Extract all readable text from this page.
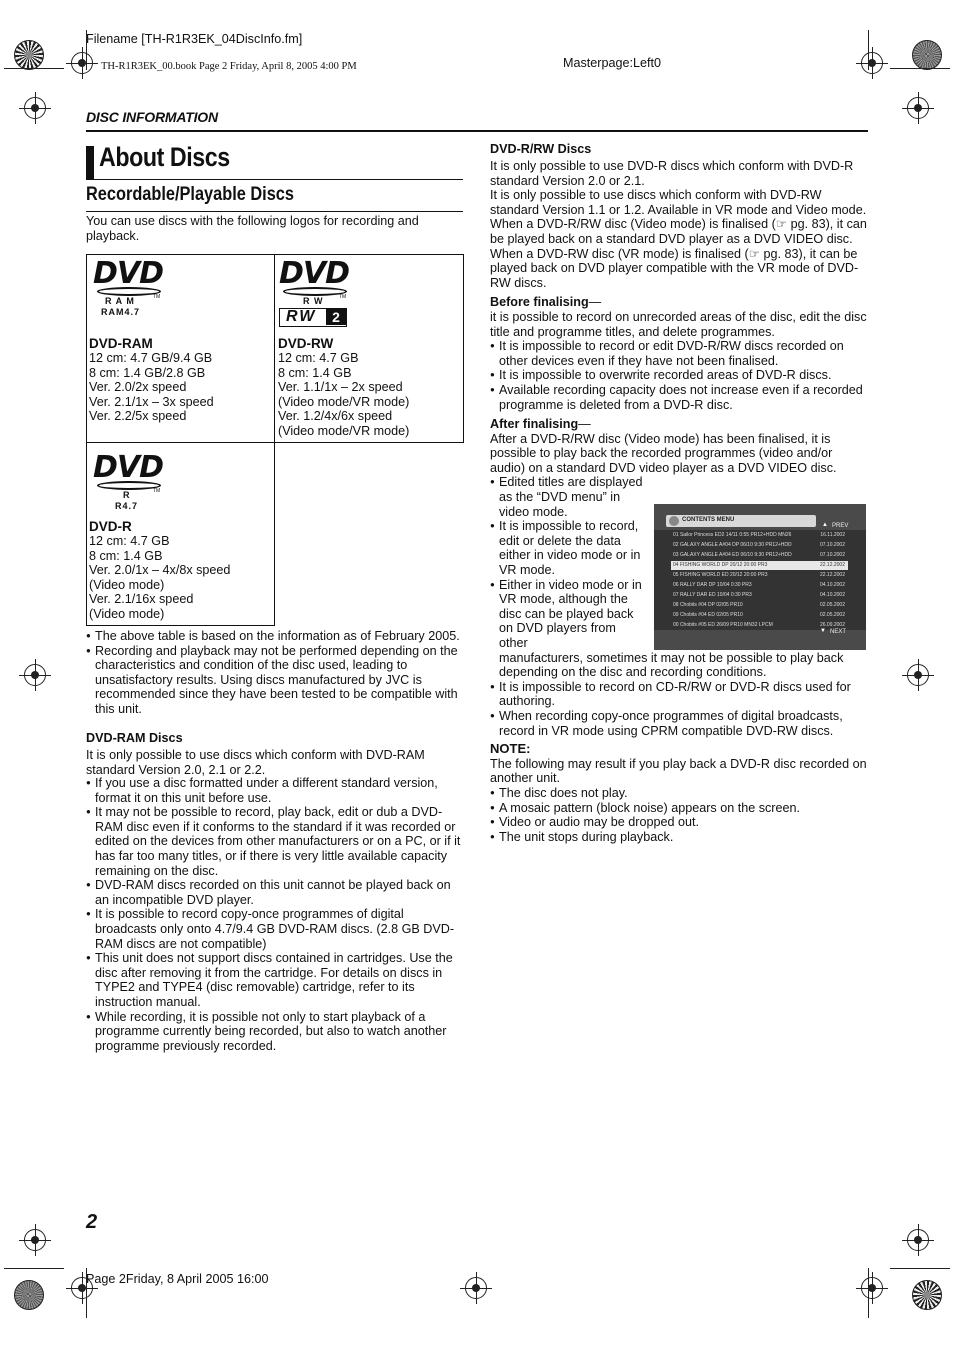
Filename [TH-R1R3EK_04DiscInfo.fm]
TH-R1R3EK_00.book Page 2 Friday, April 8, 2005 4:00 PM	Masterpage:Left0
Page 2Friday, 8 April 2005 16:00
DISC INFORMATION
2
About Discs
Recordable/Playable Discs
You can use discs with the following logos for recording and playback.
DVD
R A M
RAM4.7
TM
DVD-RAM
12 cm: 4.7 GB/9.4 GB
8 cm: 1.4 GB/2.8 GB
Ver. 2.0/2x speed
Ver. 2.1/1x – 3x speed
Ver. 2.2/5x speed
DVD
R W	TM
RW	2
DVD-RW
12 cm: 4.7 GB
8 cm: 1.4 GB
Ver. 1.1/1x – 2x speed
(Video mode/VR mode)
Ver. 1.2/4x/6x speed
(Video mode/VR mode)
DVD
R
R4.7
TM
DVD-R
12 cm: 4.7 GB
8 cm: 1.4 GB
Ver. 2.0/1x – 4x/8x speed
(Video mode)
Ver. 2.1/16x speed
(Video mode)
● The above table is based on the information as of February 2005.
● Recording and playback may not be performed depending on the characteristics and condition of the disc used, leading to unsatisfactory results. Using discs manufactured by JVC is recommended since they have been tested to be compatible with this unit.
DVD-RAM Discs
It is only possible to use discs which conform with DVD-RAM standard Version 2.0, 2.1 or 2.2.
● If you use a disc formatted under a different standard version, format it on this unit before use.
● It may not be possible to record, play back, edit or dub a DVD-RAM disc even if it conforms to the standard if it was recorded or edited on the devices from other manufacturers or on a PC, or if it has far too many titles, or if there is very little available capacity remaining on the disc.
● DVD-RAM discs recorded on this unit cannot be played back on an incompatible DVD player.
● It is possible to record copy-once programmes of digital broadcasts only onto 4.7/9.4 GB DVD-RAM discs. (2.8 GB DVD-RAM discs are not compatible)
● This unit does not support discs contained in cartridges. Use the disc after removing it from the cartridge. For details on discs in TYPE2 and TYPE4 (disc removable) cartridge, refer to its instruction manual.
● While recording, it is possible not only to start playback of a programme currently being recorded, but also to watch another programme previously recorded.
DVD-R/RW Discs
It is only possible to use DVD-R discs which conform with DVD-R standard Version 2.0 or 2.1.
It is only possible to use discs which conform with DVD-RW standard Version 1.1 or 1.2. Available in VR mode and Video mode.
When a DVD-R/RW disc (Video mode) is finalised (☞ pg. 83), it can be played back on a standard DVD player as a DVD VIDEO disc.
When a DVD-RW disc (VR mode) is finalised (☞ pg. 83), it can be played back on DVD player compatible with the VR mode of DVD-RW discs.
Before finalising—
it is possible to record on unrecorded areas of the disc, edit the disc title and programme titles, and delete programmes.
● It is impossible to record or edit DVD-R/RW discs recorded on other devices even if they have not been finalised.
● It is impossible to overwrite recorded areas of DVD-R discs.
● Available recording capacity does not increase even if a recorded programme is deleted from a DVD-R disc.
After finalising—
After a DVD-R/RW disc (Video mode) has been finalised, it is possible to play back the recorded programmes (video and/or audio) on a standard DVD video player as a DVD VIDEO disc.
● Edited titles are displayed as the “DVD menu” in video mode.
● It is impossible to record, edit or delete the data either in video mode or in VR mode.
● Either in video mode or in VR mode, although the disc can be played back on DVD players from other
manufacturers, sometimes it may not be possible to play back depending on the disc and recording conditions.
● It is impossible to record on CD-R/RW or DVD-R discs used for authoring.
● When recording copy-once programmes of digital broadcasts, record in VR mode using CPRM compatible DVD-RW discs.
NOTE:
The following may result if you play back a DVD-R disc recorded on another unit.
● The disc does not play.
● A mosaic pattern (block noise) appears on the screen.
● Video or audio may be dropped out.
● The unit stops during playback.
CONTENTS MENU
▲ PREV
01 Sailor Princess ED2 14/11 0:55 PR12+HDD MN26	16.11.2002
02 GALAXY ANGLE A#04 DP 06/10 9:30 PR12+HDD	07.10.2002
03 GALAXY ANGLE A#04 ED 06/10 9:30 PR12+HDD	07.10.2002
04 FISHING WORLD DP 20/12 20:00 PR3	22.12.2002
05 FISHING WORLD ED 20/12 20:00 PR3	22.12.2002
06 RALLY DAR DP 10/04 0:30 PR3	04.10.2002
07 RALLY DAR ED 10/04 0:30 PR3	04.10.2002
08 Chobits #04 DP 02/05 PR10	02.05.2002
09 Chobits #04 ED 02/05 PR10	02.05.2002
00 Chobits #05 ED 26/09 PR10 MN32 LPCM	26.09.2002
▼ NEXT
